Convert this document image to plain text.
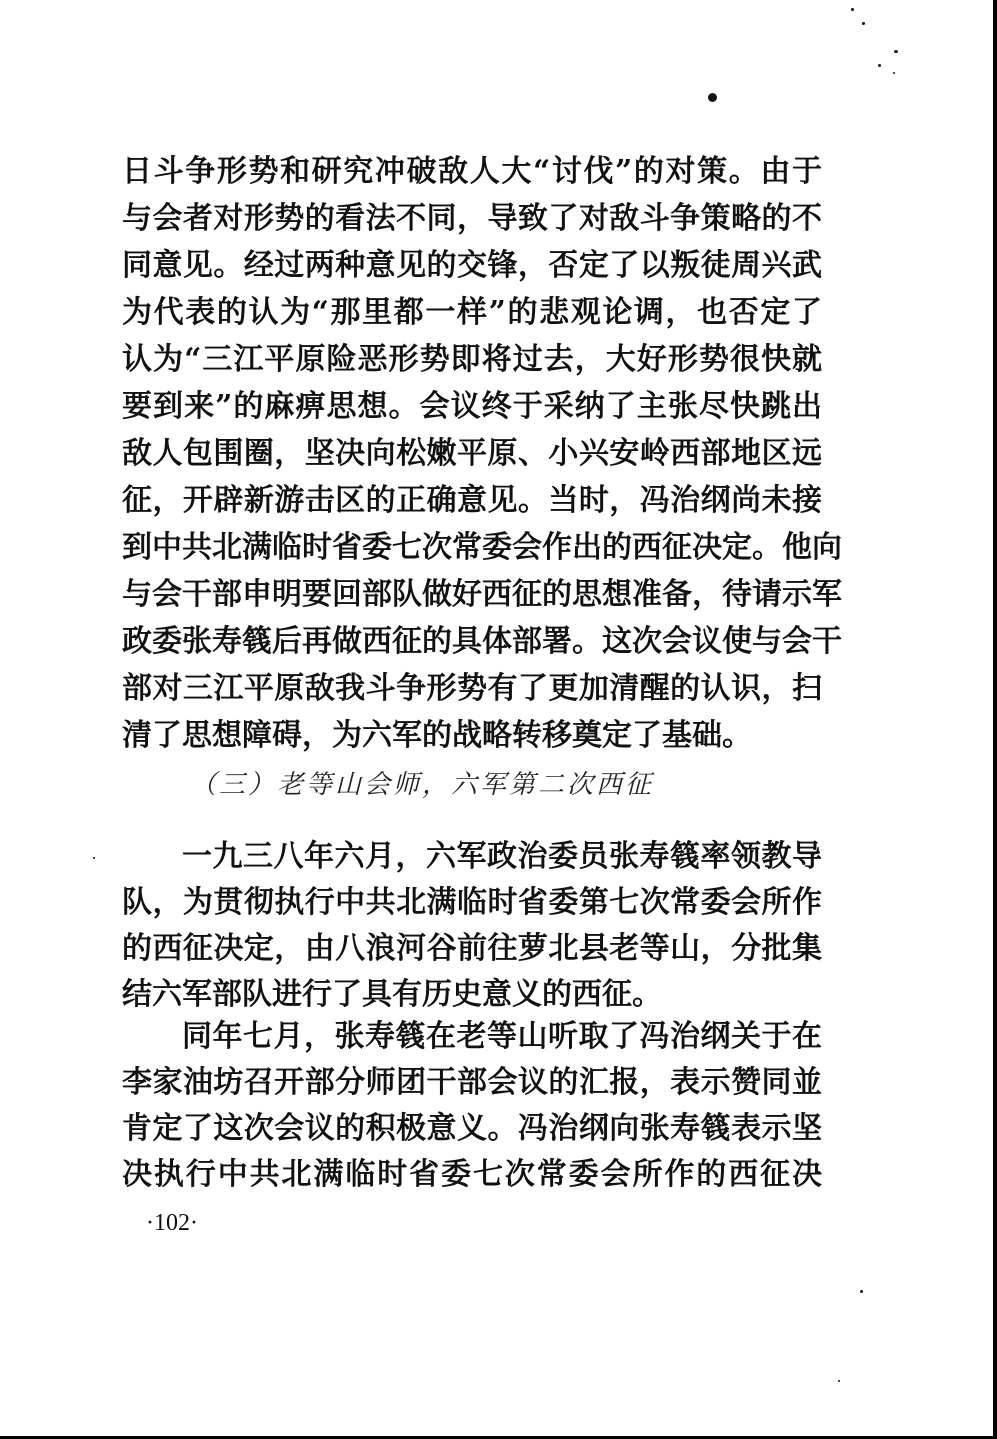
日斗争形势和研究冲破敌人大“讨伐”的对策。由于
与会者对形势的看法不同，导致了对敌斗争策略的不
同意见。经过两种意见的交锋，否定了以叛徒周兴武
为代表的认为“那里都一样”的悲观论调，也否定了
认为“三江平原险恶形势即将过去，大好形势很快就
要到来”的麻痹思想。会议终于采纳了主张尽快跳出
敌人包围圈，坚决向松嫩平原、小兴安岭西部地区远
征，开辟新游击区的正确意见。当时，冯治纲尚未接
到中共北满临时省委七次常委会作出的西征决定。他向
与会干部申明要回部队做好西征的思想准备，待请示军
政委张寿篯后再做西征的具体部署。这次会议使与会干
部对三江平原敌我斗争形势有了更加清醒的认识，扫
清了思想障碍，为六军的战略转移奠定了基础。
（三）老等山会师，六军第二次西征
一九三八年六月，六军政治委员张寿篯率领教导
队，为贯彻执行中共北满临时省委第七次常委会所作
的西征决定，由八浪河谷前往萝北县老等山，分批集
结六军部队进行了具有历史意义的西征。
同年七月，张寿篯在老等山听取了冯治纲关于在
李家油坊召开部分师团干部会议的汇报，表示赞同並
肯定了这次会议的积极意义。冯治纲向张寿篯表示坚
决执行中共北满临时省委七次常委会所作的西征决
·102·
